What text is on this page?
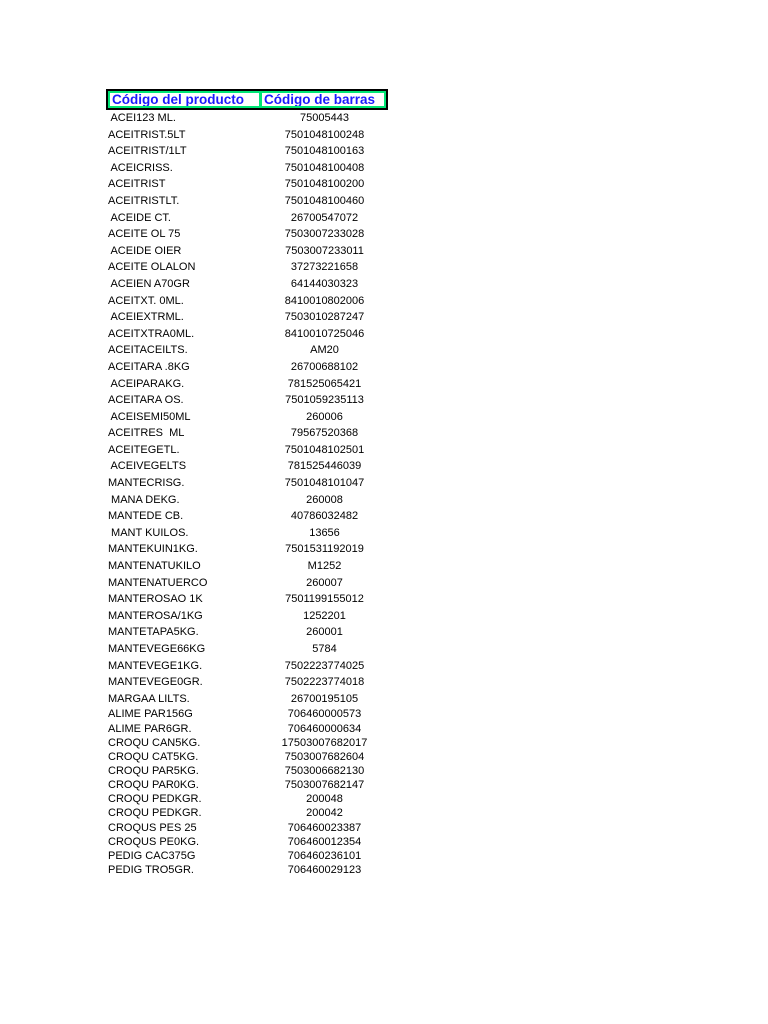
Código del producto	Código de barras
ACEI123 ML.	75005443
ACEITRIST.5LT	7501048100248
ACEITRIST/1LT	7501048100163
ACEICRISS.	7501048100408
ACEITRIST	7501048100200
ACEITRISTLT.	7501048100460
ACEIDE CT.	26700547072
ACEITE OL 75	7503007233028
ACEIDE OIER	7503007233011
ACEITE OLALON	37273221658
ACEIEN A70GR	64144030323
ACEITXT. 0ML.	8410010802006
ACEIEXTRML.	7503010287247
ACEITXTRA0ML.	8410010725046
ACEITACEILTS.	AM20
ACEITARA .8KG	26700688102
ACEIPARAKG.	781525065421
ACEITARA OS.	7501059235113
ACEISEMI50ML	260006
ACEITRES  ML	79567520368
ACEITEGETL.	7501048102501
ACEIVEGELTS	781525446039
MANTECRISG.	7501048101047
MANA DEKG.	260008
MANTEDE CB.	40786032482
MANT KUILOS.	13656
MANTEKUIN1KG.	7501531192019
MANTENATUKILO	M1252
MANTENATUERCO	260007
MANTEROSAO 1K	7501199155012
MANTEROSA/1KG	1252201
MANTETAPA5KG.	260001
MANTEVEGE66KG	5784
MANTEVEGE1KG.	7502223774025
MANTEVEGE0GR.	7502223774018
MARGAA LILTS.	26700195105
ALIME PAR156G	706460000573
ALIME PAR6GR.	706460000634
CROQU CAN5KG.	17503007682017
CROQU CAT5KG.	7503007682604
CROQU PAR5KG.	7503006682130
CROQU PAR0KG.	7503007682147
CROQU PEDKGR.	200048
CROQU PEDKGR.	200042
CROQUS PES 25	706460023387
CROQUS PE0KG.	706460012354
PEDIG CAC375G	706460236101
PEDIG TRO5GR.	706460029123
